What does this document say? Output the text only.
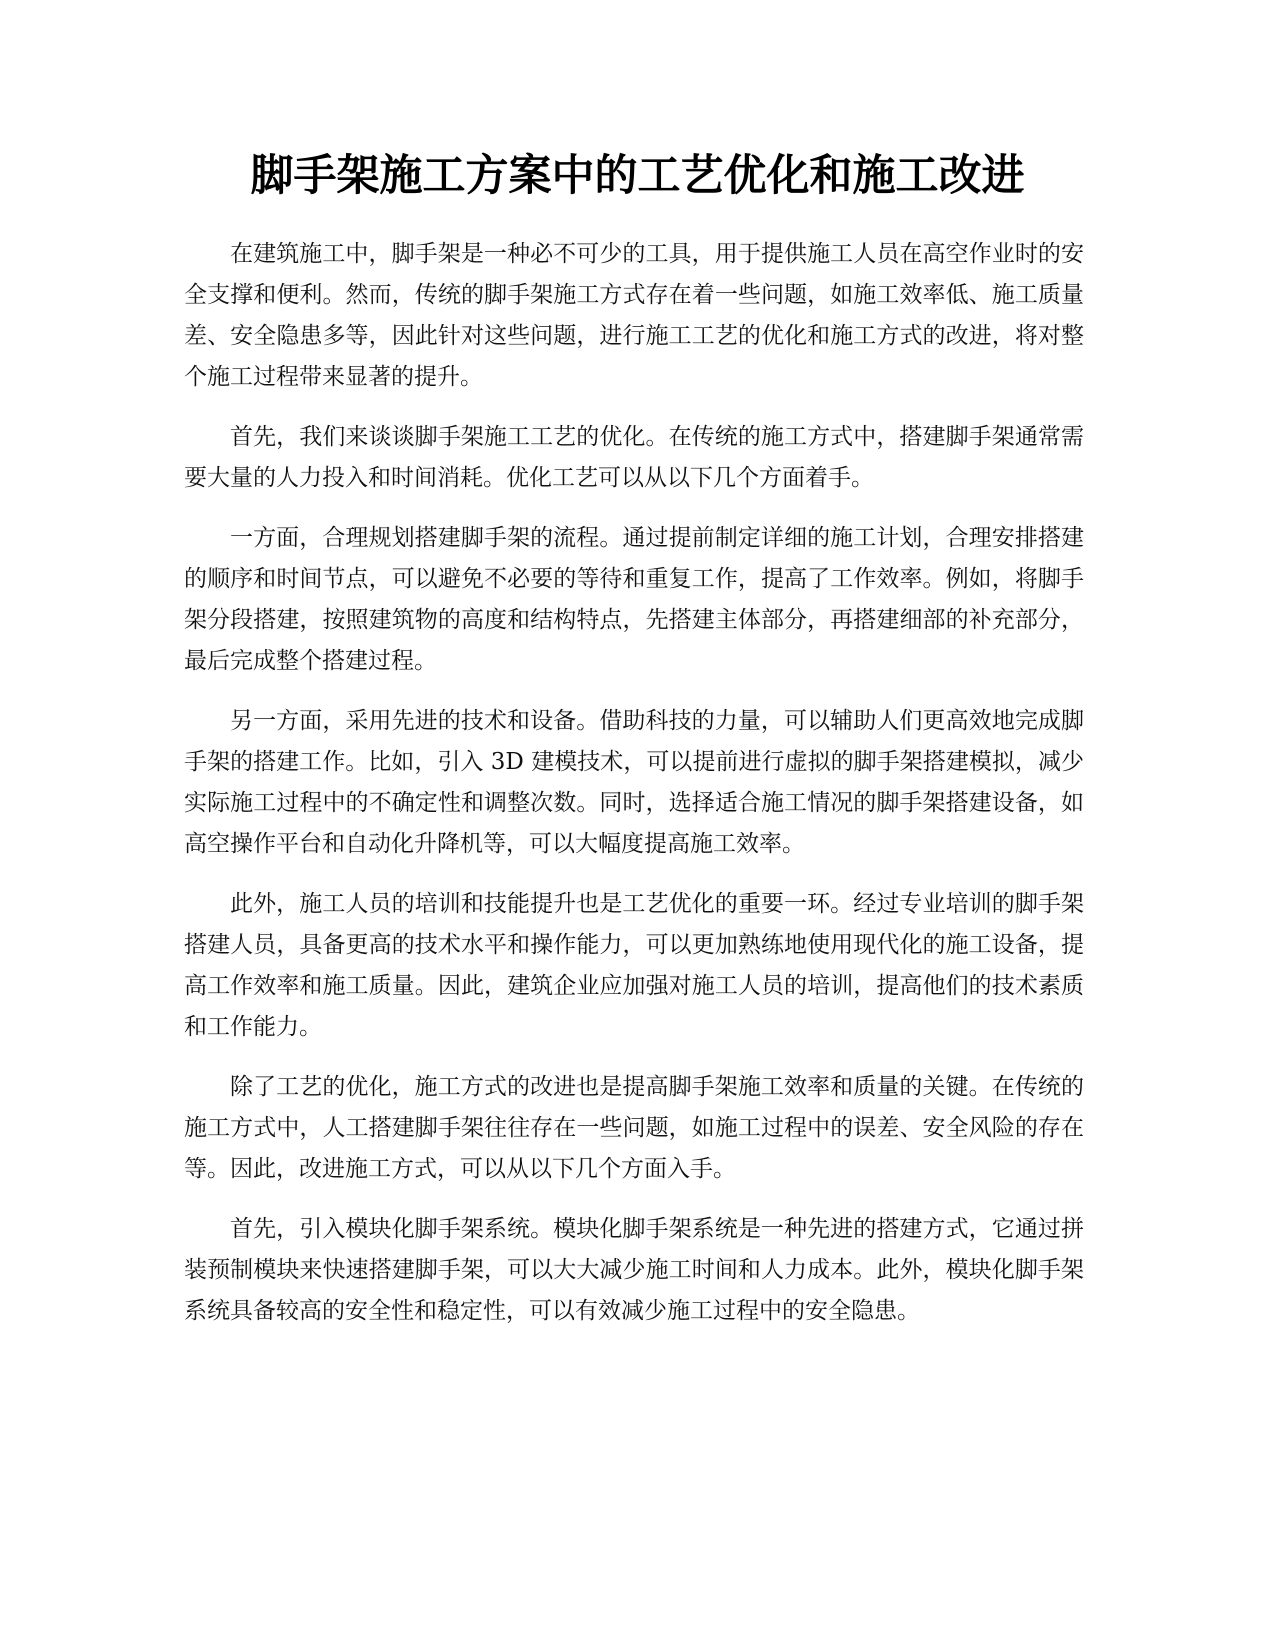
脚手架施工方案中的工艺优化和施工改进

在建筑施工中，脚手架是一种必不可少的工具，用于提供施工人员在高空作业时的安全支撑和便利。然而，传统的脚手架施工方式存在着一些问题，如施工效率低、施工质量差、安全隐患多等，因此针对这些问题，进行施工工艺的优化和施工方式的改进，将对整个施工过程带来显著的提升。

首先，我们来谈谈脚手架施工工艺的优化。在传统的施工方式中，搭建脚手架通常需要大量的人力投入和时间消耗。优化工艺可以从以下几个方面着手。

一方面，合理规划搭建脚手架的流程。通过提前制定详细的施工计划，合理安排搭建的顺序和时间节点，可以避免不必要的等待和重复工作，提高了工作效率。例如，将脚手架分段搭建，按照建筑物的高度和结构特点，先搭建主体部分，再搭建细部的补充部分，最后完成整个搭建过程。

另一方面，采用先进的技术和设备。借助科技的力量，可以辅助人们更高效地完成脚手架的搭建工作。比如，引入 3D 建模技术，可以提前进行虚拟的脚手架搭建模拟，减少实际施工过程中的不确定性和调整次数。同时，选择适合施工情况的脚手架搭建设备，如高空操作平台和自动化升降机等，可以大幅度提高施工效率。

此外，施工人员的培训和技能提升也是工艺优化的重要一环。经过专业培训的脚手架搭建人员，具备更高的技术水平和操作能力，可以更加熟练地使用现代化的施工设备，提高工作效率和施工质量。因此，建筑企业应加强对施工人员的培训，提高他们的技术素质和工作能力。

除了工艺的优化，施工方式的改进也是提高脚手架施工效率和质量的关键。在传统的施工方式中，人工搭建脚手架往往存在一些问题，如施工过程中的误差、安全风险的存在等。因此，改进施工方式，可以从以下几个方面入手。

首先，引入模块化脚手架系统。模块化脚手架系统是一种先进的搭建方式，它通过拼装预制模块来快速搭建脚手架，可以大大减少施工时间和人力成本。此外，模块化脚手架系统具备较高的安全性和稳定性，可以有效减少施工过程中的安全隐患。
